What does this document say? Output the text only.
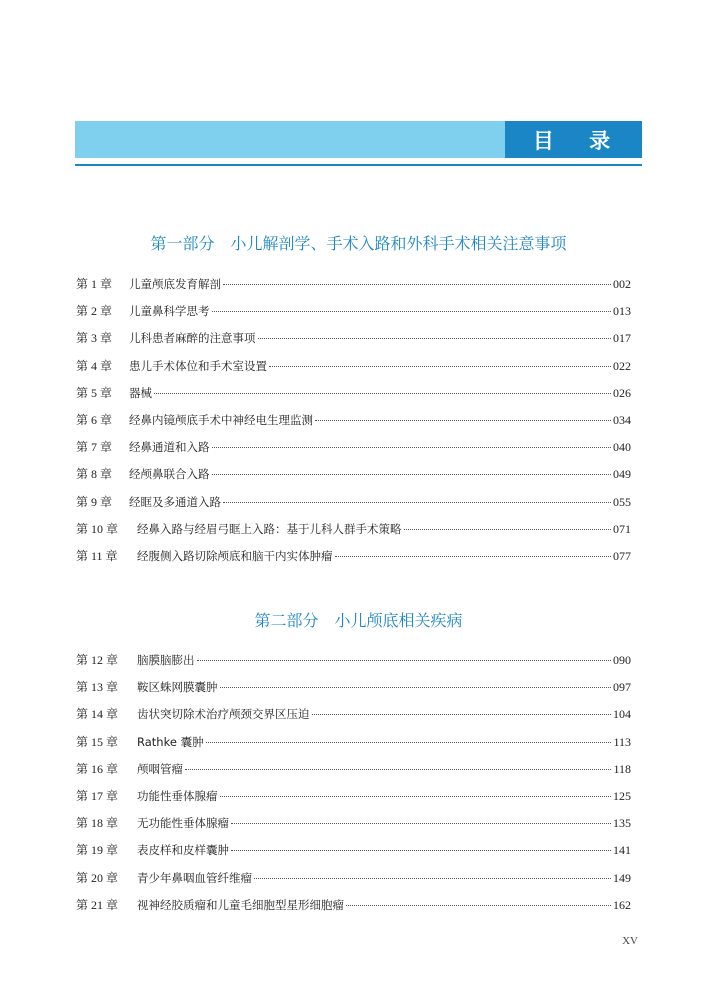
目 录
第一部分　小儿解剖学、手术入路和外科手术相关注意事项
第 1 章	儿童颅底发育解剖	002
第 2 章	儿童鼻科学思考	013
第 3 章	儿科患者麻醉的注意事项	017
第 4 章	患儿手术体位和手术室设置	022
第 5 章	器械	026
第 6 章	经鼻内镜颅底手术中神经电生理监测	034
第 7 章	经鼻通道和入路	040
第 8 章	经颅鼻联合入路	049
第 9 章	经眶及多通道入路	055
第 10 章	经鼻入路与经眉弓眶上入路：基于儿科人群手术策略	071
第 11 章	经腹侧入路切除颅底和脑干内实体肿瘤	077
第二部分　小儿颅底相关疾病
第 12 章	脑膜脑膨出	090
第 13 章	鞍区蛛网膜囊肿	097
第 14 章	齿状突切除术治疗颅颈交界区压迫	104
第 15 章	Rathke 囊肿	113
第 16 章	颅咽管瘤	118
第 17 章	功能性垂体腺瘤	125
第 18 章	无功能性垂体腺瘤	135
第 19 章	表皮样和皮样囊肿	141
第 20 章	青少年鼻咽血管纤维瘤	149
第 21 章	视神经胶质瘤和儿童毛细胞型星形细胞瘤	162
XV
